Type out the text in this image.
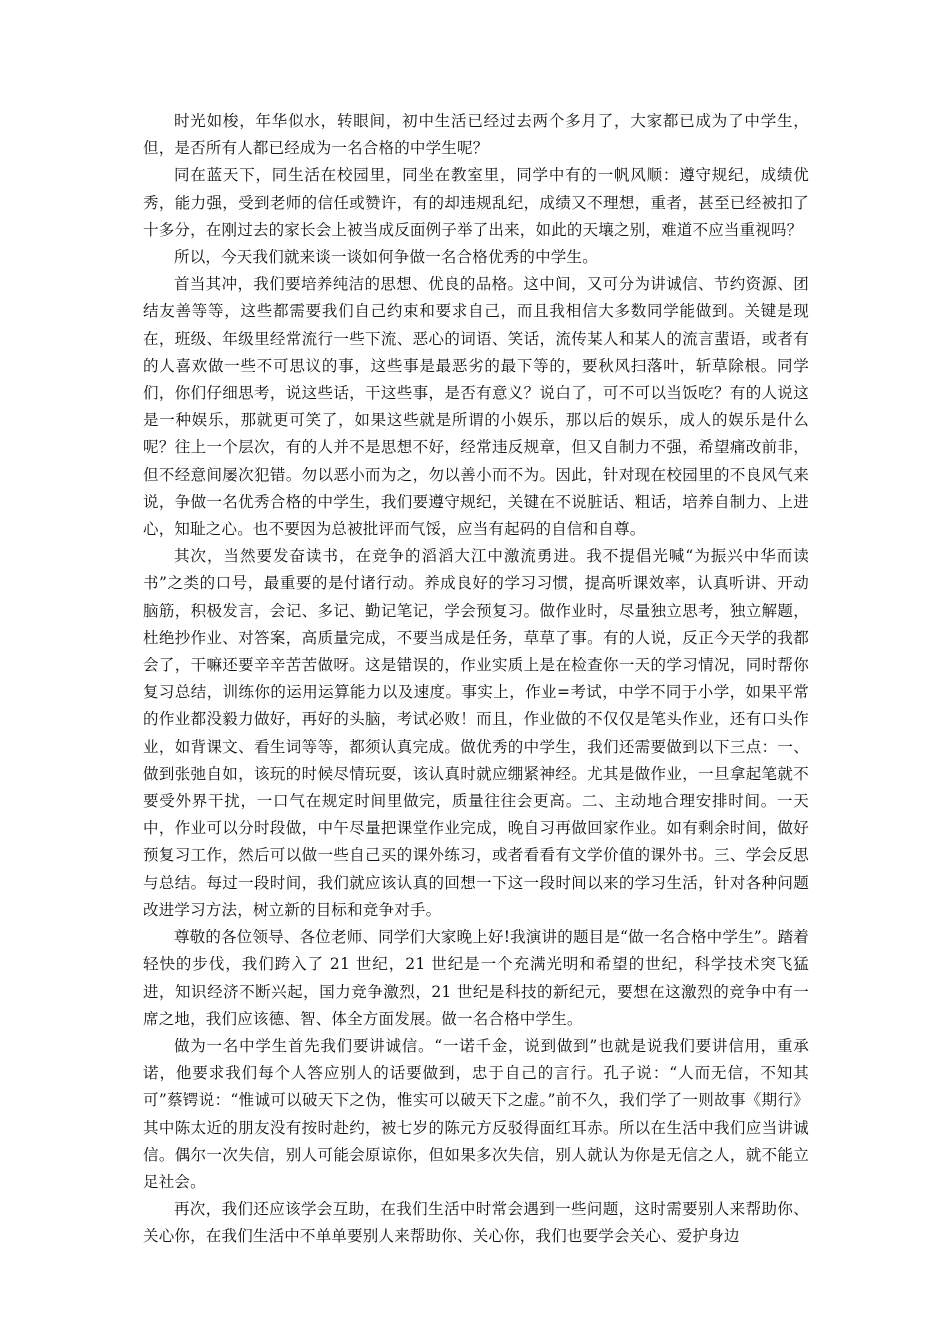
时光如梭，年华似水，转眼间，初中生活已经过去两个多月了，大家都已成为了中学生，但，是否所有人都已经成为一名合格的中学生呢？

同在蓝天下，同生活在校园里，同坐在教室里，同学中有的一帆风顺：遵守规纪，成绩优秀，能力强，受到老师的信任或赞许，有的却违规乱纪，成绩又不理想，重者，甚至已经被扣了十多分，在刚过去的家长会上被当成反面例子举了出来，如此的天壤之别，难道不应当重视吗？

所以，今天我们就来谈一谈如何争做一名合格优秀的中学生。

首当其冲，我们要培养纯洁的思想、优良的品格。这中间，又可分为讲诚信、节约资源、团结友善等等，这些都需要我们自己约束和要求自己，而且我相信大多数同学能做到。关键是现在，班级、年级里经常流行一些下流、恶心的词语、笑话，流传某人和某人的流言蜚语，或者有的人喜欢做一些不可思议的事，这些事是最恶劣的最下等的，要秋风扫落叶，斩草除根。同学们，你们仔细思考，说这些话，干这些事，是否有意义？说白了，可不可以当饭吃？有的人说这是一种娱乐，那就更可笑了，如果这些就是所谓的小娱乐，那以后的娱乐，成人的娱乐是什么呢？往上一个层次，有的人并不是思想不好，经常违反规章，但又自制力不强，希望痛改前非，但不经意间屡次犯错。勿以恶小而为之，勿以善小而不为。因此，针对现在校园里的不良风气来说，争做一名优秀合格的中学生，我们要遵守规纪，关键在不说脏话、粗话，培养自制力、上进心，知耻之心。也不要因为总被批评而气馁，应当有起码的自信和自尊。

其次，当然要发奋读书，在竞争的滔滔大江中激流勇进。我不提倡光喊“为振兴中华而读书”之类的口号，最重要的是付诸行动。养成良好的学习习惯，提高听课效率，认真听讲、开动脑筋，积极发言，会记、多记、勤记笔记，学会预复习。做作业时，尽量独立思考，独立解题，杜绝抄作业、对答案，高质量完成，不要当成是任务，草草了事。有的人说，反正今天学的我都会了，干嘛还要辛辛苦苦做呀。这是错误的，作业实质上是在检查你一天的学习情况，同时帮你复习总结，训练你的运用运算能力以及速度。事实上，作业=考试，中学不同于小学，如果平常的作业都没毅力做好，再好的头脑，考试必败！而且，作业做的不仅仅是笔头作业，还有口头作业，如背课文、看生词等等，都须认真完成。做优秀的中学生，我们还需要做到以下三点：一、做到张弛自如，该玩的时候尽情玩耍，该认真时就应绷紧神经。尤其是做作业，一旦拿起笔就不要受外界干扰，一口气在规定时间里做完，质量往往会更高。二、主动地合理安排时间。一天中，作业可以分时段做，中午尽量把课堂作业完成，晚自习再做回家作业。如有剩余时间，做好预复习工作，然后可以做一些自己买的课外练习，或者看看有文学价值的课外书。三、学会反思与总结。每过一段时间，我们就应该认真的回想一下这一段时间以来的学习生活，针对各种问题改进学习方法，树立新的目标和竞争对手。

尊敬的各位领导、各位老师、同学们大家晚上好!我演讲的题目是“做一名合格中学生”。踏着轻快的步伐，我们跨入了 21 世纪，21 世纪是一个充满光明和希望的世纪，科学技术突飞猛进，知识经济不断兴起，国力竞争激烈，21 世纪是科技的新纪元，要想在这激烈的竞争中有一席之地，我们应该德、智、体全方面发展。做一名合格中学生。

做为一名中学生首先我们要讲诚信。“一诺千金，说到做到”也就是说我们要讲信用，重承诺，他要求我们每个人答应别人的话要做到，忠于自己的言行。孔子说：“人而无信，不知其可”蔡锷说：“惟诚可以破天下之伪，惟实可以破天下之虚。”前不久，我们学了一则故事《期行》其中陈太近的朋友没有按时赴约，被七岁的陈元方反驳得面红耳赤。所以在生活中我们应当讲诚信。偶尔一次失信，别人可能会原谅你，但如果多次失信，别人就认为你是无信之人，就不能立足社会。

再次，我们还应该学会互助，在我们生活中时常会遇到一些问题，这时需要别人来帮助你、关心你，在我们生活中不单单要别人来帮助你、关心你，我们也要学会关心、爱护身边
